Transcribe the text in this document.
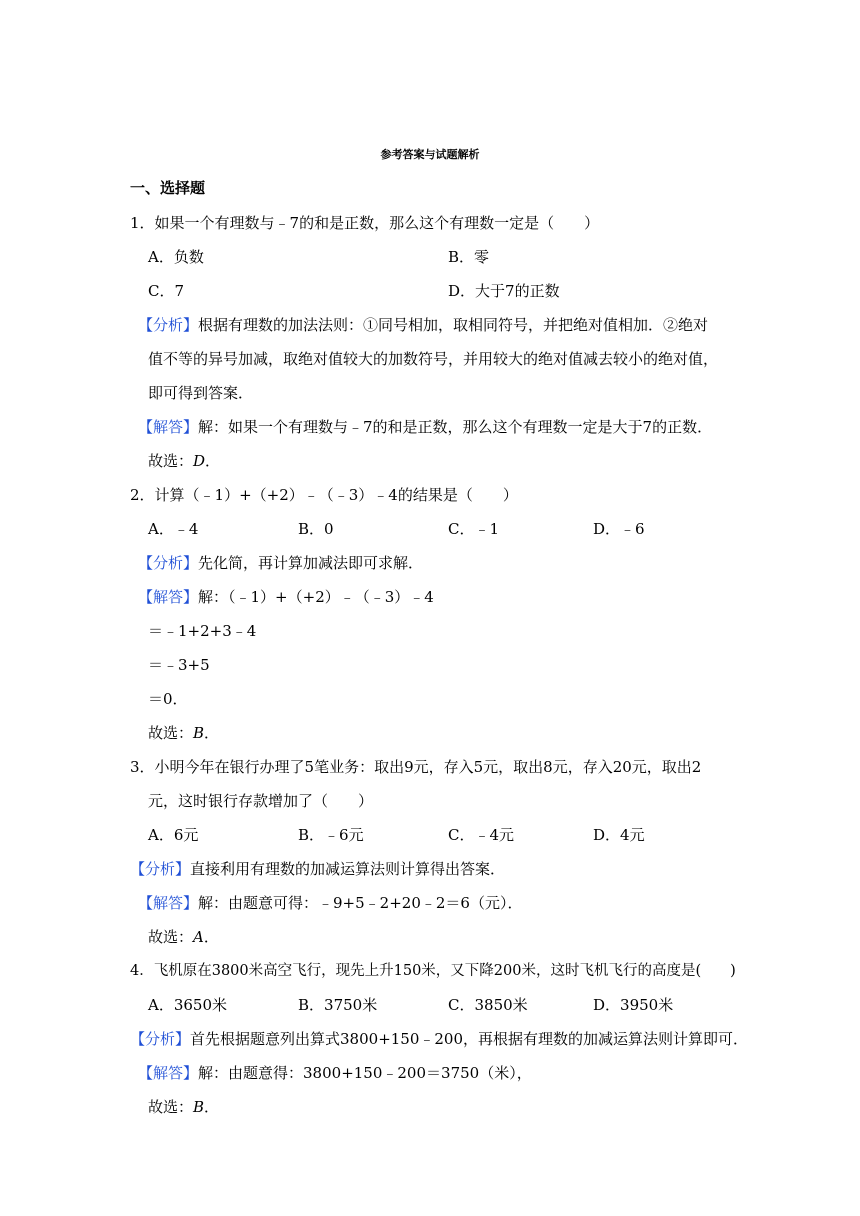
参考答案与试题解析
一、选择题
1．如果一个有理数与﹣7的和是正数，那么这个有理数一定是（　　）
A．负数	B．零
C．7	D．大于7的正数
【分析】根据有理数的加法法则：①同号相加，取相同符号，并把绝对值相加．②绝对
值不等的异号加减，取绝对值较大的加数符号，并用较大的绝对值减去较小的绝对值，
即可得到答案．
【解答】解：如果一个有理数与﹣7的和是正数，那么这个有理数一定是大于7的正数．
故选：D．
2．计算（﹣1）+（+2）﹣（﹣3）﹣4的结果是（　　）
A．﹣4	B．0	C．﹣1	D．﹣6
【分析】先化简，再计算加减法即可求解．
【解答】解：（﹣1）+（+2）﹣（﹣3）﹣4
＝﹣1+2+3﹣4
＝﹣3+5
＝0．
故选：B．
3．小明今年在银行办理了5笔业务：取出9元，存入5元，取出8元，存入20元，取出2
元，这时银行存款增加了（　　）
A．6元	B．﹣6元	C．﹣4元	D．4元
【分析】直接利用有理数的加减运算法则计算得出答案．
【解答】解：由题意可得：﹣9+5﹣2+20﹣2＝6（元）．
故选：A．
4．飞机原在3800米高空飞行，现先上升150米，又下降200米，这时飞机飞行的高度是(　　)
A．3650米	B．3750米	C．3850米	D．3950米
【分析】首先根据题意列出算式3800+150﹣200，再根据有理数的加减运算法则计算即可．
【解答】解：由题意得：3800+150﹣200＝3750（米），
故选：B．
